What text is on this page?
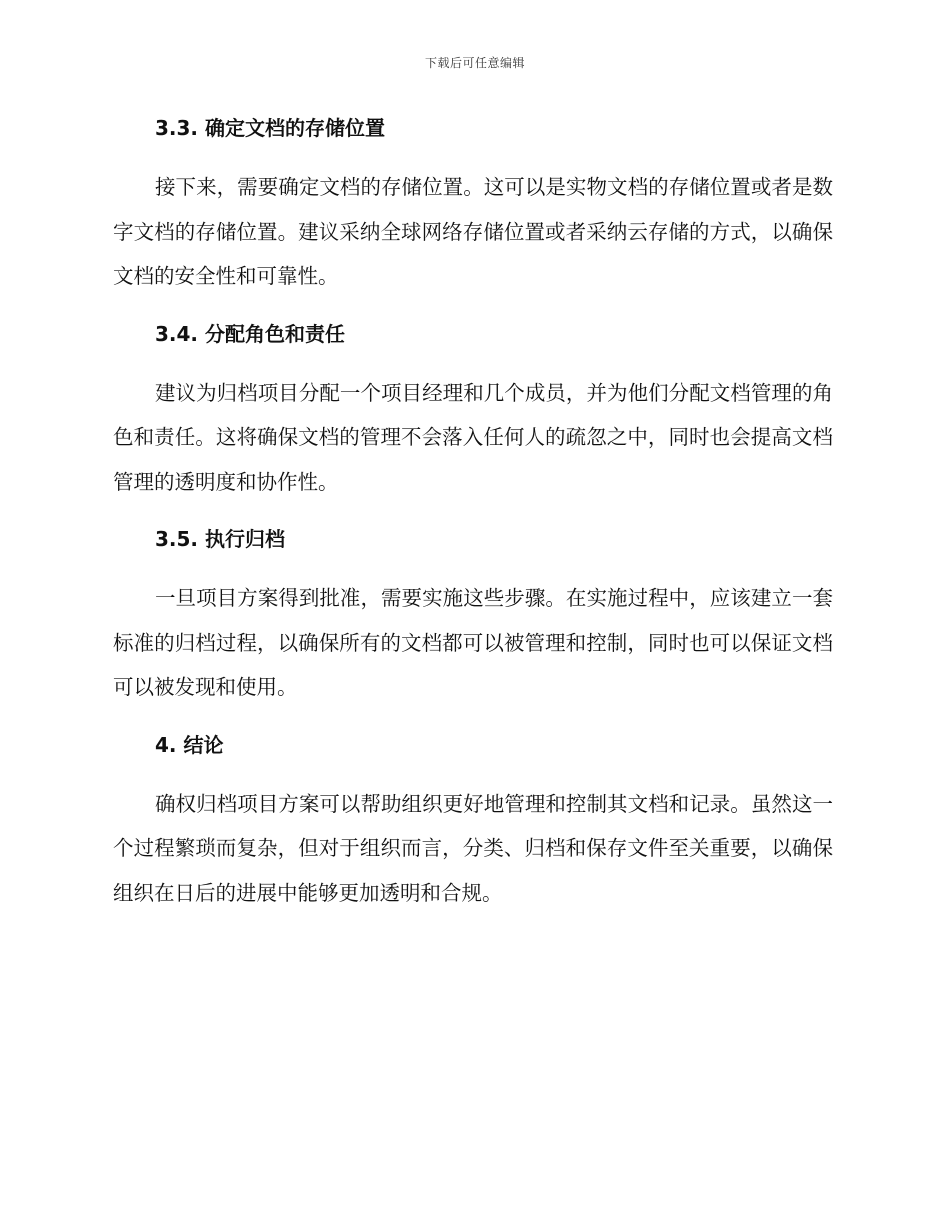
下载后可任意编辑
3.3. 确定文档的存储位置

接下来，需要确定文档的存储位置。这可以是实物文档的存储位置或者是数字文档的存储位置。建议采纳全球网络存储位置或者采纳云存储的方式，以确保文档的安全性和可靠性。

3.4. 分配角色和责任

建议为归档项目分配一个项目经理和几个成员，并为他们分配文档管理的角色和责任。这将确保文档的管理不会落入任何人的疏忽之中，同时也会提高文档管理的透明度和协作性。

3.5. 执行归档

一旦项目方案得到批准，需要实施这些步骤。在实施过程中，应该建立一套标准的归档过程，以确保所有的文档都可以被管理和控制，同时也可以保证文档可以被发现和使用。

4. 结论

确权归档项目方案可以帮助组织更好地管理和控制其文档和记录。虽然这一个过程繁琐而复杂，但对于组织而言，分类、归档和保存文件至关重要，以确保组织在日后的进展中能够更加透明和合规。
